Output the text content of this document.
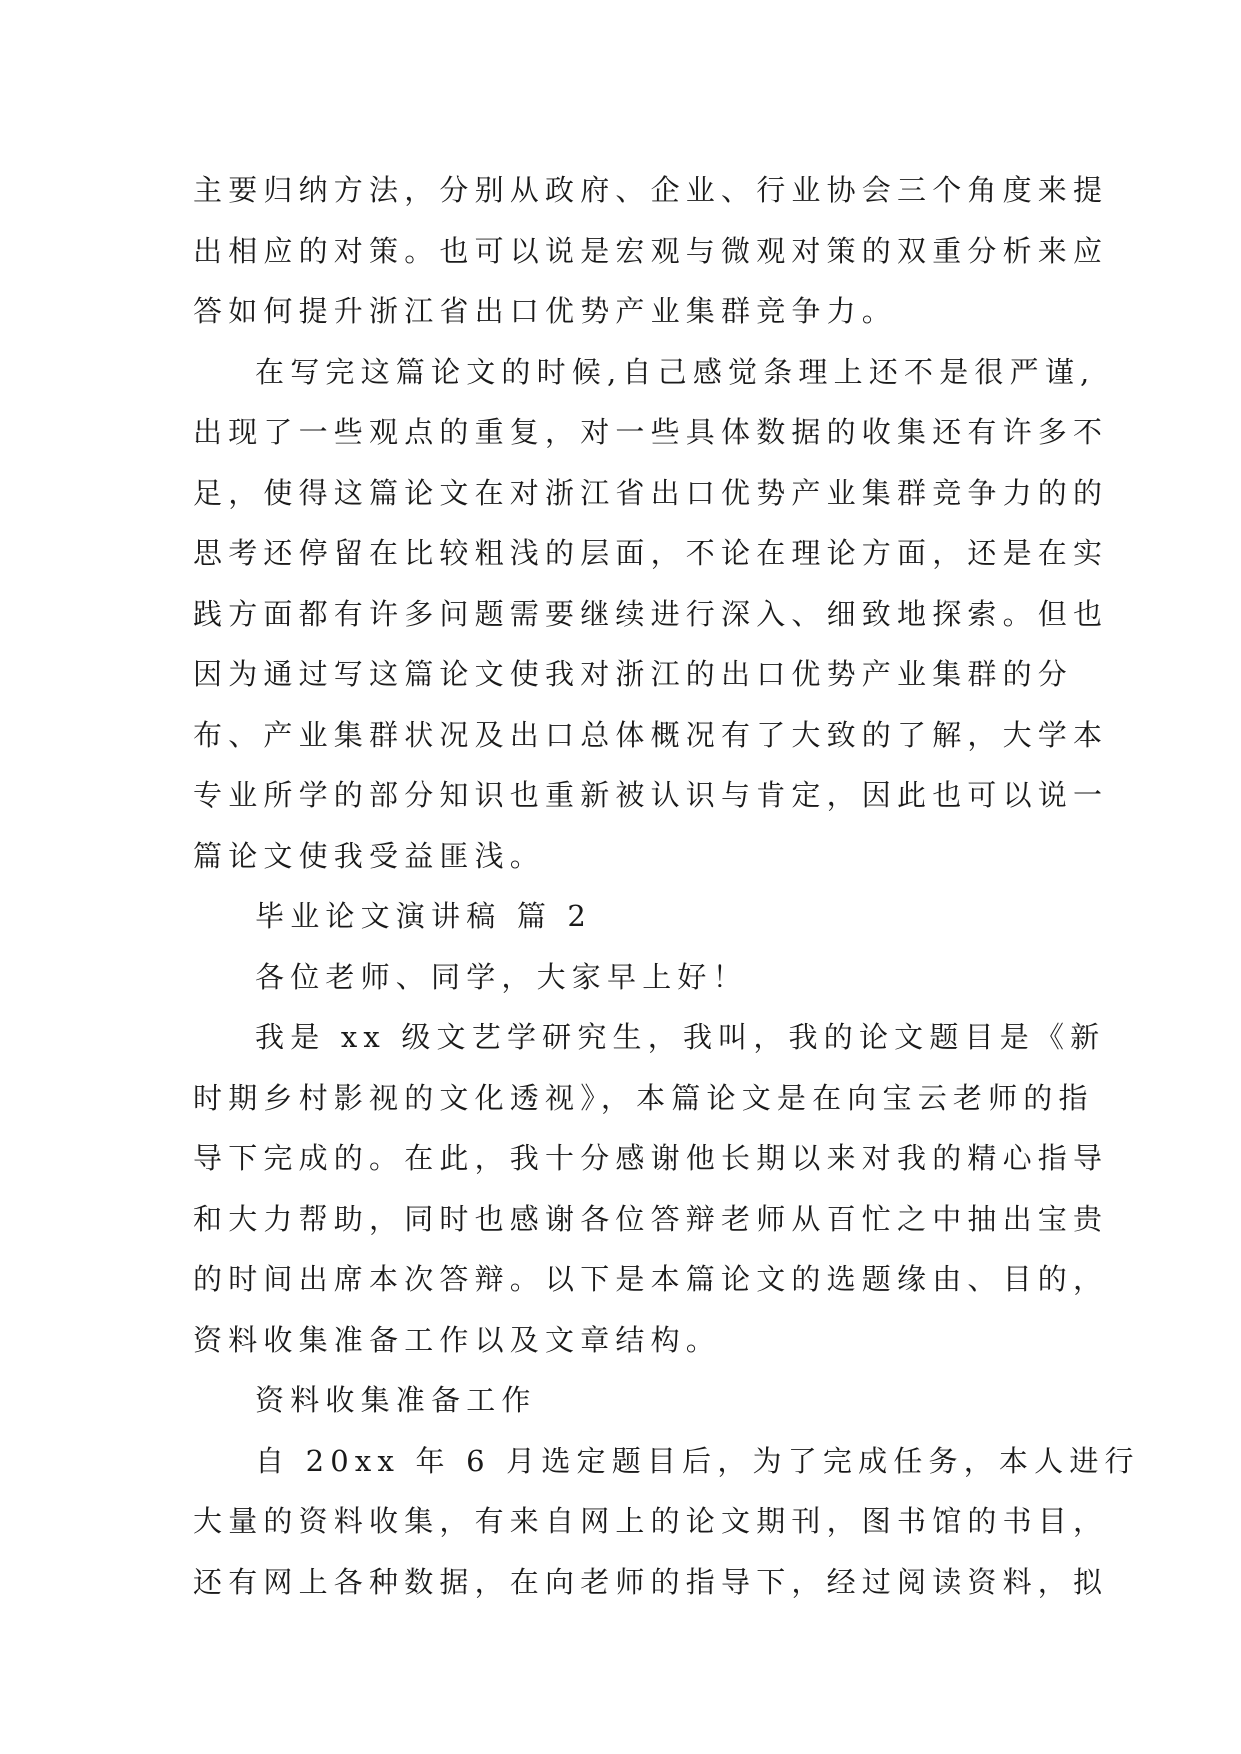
主要归纳方法，分别从政府、企业、行业协会三个角度来提
出相应的对策。也可以说是宏观与微观对策的双重分析来应
答如何提升浙江省出口优势产业集群竞争力。
在写完这篇论文的时候,自己感觉条理上还不是很严谨,
出现了一些观点的重复，对一些具体数据的收集还有许多不
足，使得这篇论文在对浙江省出口优势产业集群竞争力的的
思考还停留在比较粗浅的层面，不论在理论方面，还是在实
践方面都有许多问题需要继续进行深入、细致地探索。但也
因为通过写这篇论文使我对浙江的出口优势产业集群的分
布、产业集群状况及出口总体概况有了大致的了解，大学本
专业所学的部分知识也重新被认识与肯定，因此也可以说一
篇论文使我受益匪浅。
毕业论文演讲稿 篇 2
各位老师、同学，大家早上好！
我是 xx 级文艺学研究生，我叫，我的论文题目是《新
时期乡村影视的文化透视》，本篇论文是在向宝云老师的指
导下完成的。在此，我十分感谢他长期以来对我的精心指导
和大力帮助，同时也感谢各位答辩老师从百忙之中抽出宝贵
的时间出席本次答辩。以下是本篇论文的选题缘由、目的，
资料收集准备工作以及文章结构。
资料收集准备工作
自 20xx 年 6 月选定题目后，为了完成任务，本人进行
大量的资料收集，有来自网上的论文期刊，图书馆的书目，
还有网上各种数据，在向老师的指导下，经过阅读资料，拟
